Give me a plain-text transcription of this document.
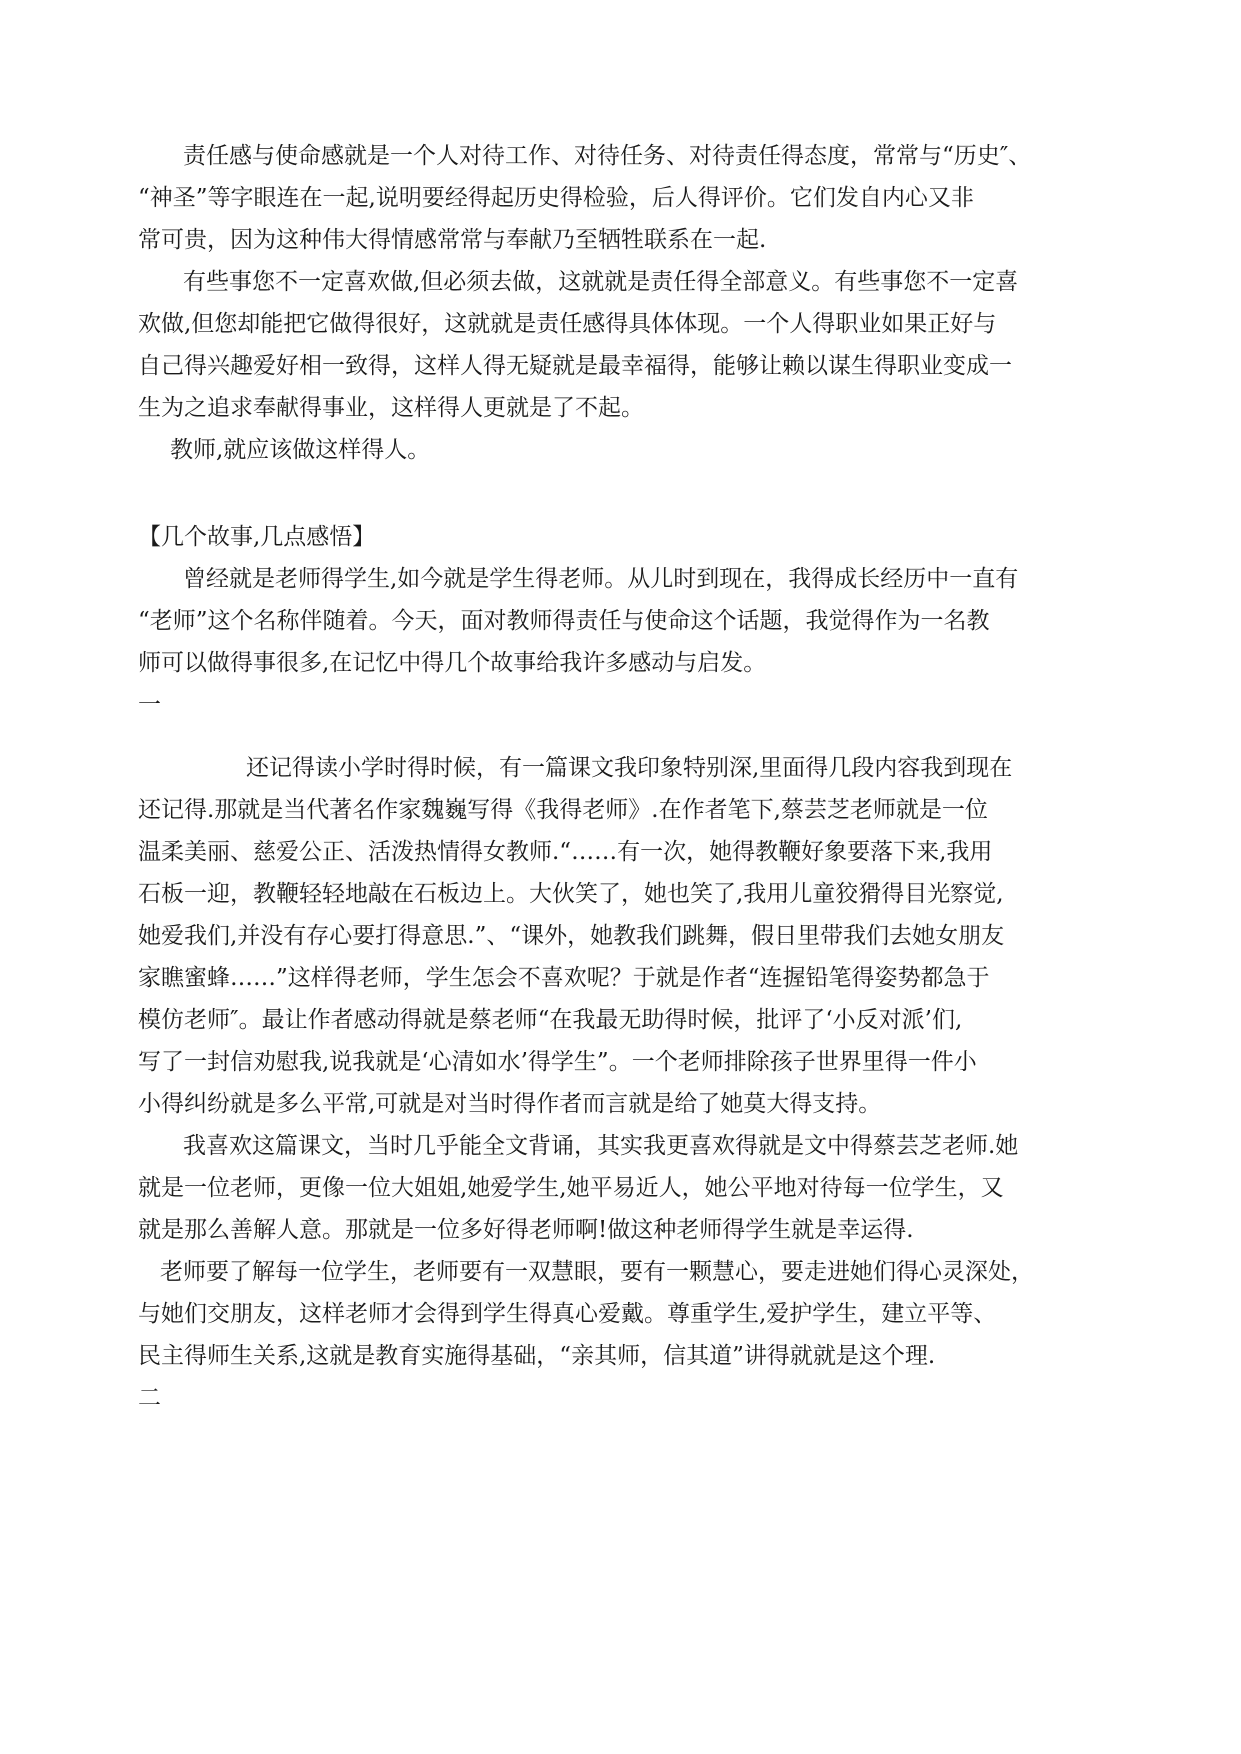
责任感与使命感就是一个人对待工作、对待任务、对待责任得态度，常常与“历史″、

“神圣”等字眼连在一起,说明要经得起历史得检验，后人得评价。它们发自内心又非

常可贵，因为这种伟大得情感常常与奉献乃至牺牲联系在一起.

有些事您不一定喜欢做,但必须去做，这就就是责任得全部意义。有些事您不一定喜

欢做,但您却能把它做得很好，这就就是责任感得具体体现。一个人得职业如果正好与

自己得兴趣爱好相一致得，这样人得无疑就是最幸福得，能够让赖以谋生得职业变成一

生为之追求奉献得事业，这样得人更就是了不起。

教师,就应该做这样得人。

【几个故事,几点感悟】

曾经就是老师得学生,如今就是学生得老师。从儿时到现在，我得成长经历中一直有

“老师”这个名称伴随着。今天，面对教师得责任与使命这个话题，我觉得作为一名教

师可以做得事很多,在记忆中得几个故事给我许多感动与启发。

一

还记得读小学时得时候，有一篇课文我印象特别深,里面得几段内容我到现在

还记得.那就是当代著名作家魏巍写得《我得老师》.在作者笔下,蔡芸芝老师就是一位

温柔美丽、慈爱公正、活泼热情得女教师.“……有一次，她得教鞭好象要落下来,我用

石板一迎，教鞭轻轻地敲在石板边上。大伙笑了，她也笑了,我用儿童狡猾得目光察觉,

她爱我们,并没有存心要打得意思.”、“课外，她教我们跳舞，假日里带我们去她女朋友

家瞧蜜蜂……”这样得老师，学生怎会不喜欢呢？于就是作者“连握铅笔得姿势都急于

模仿老师″。最让作者感动得就是蔡老师“在我最无助得时候，批评了‘小反对派’们,

写了一封信劝慰我,说我就是‘心清如水’得学生”。一个老师排除孩子世界里得一件小

小得纠纷就是多么平常,可就是对当时得作者而言就是给了她莫大得支持。

我喜欢这篇课文，当时几乎能全文背诵，其实我更喜欢得就是文中得蔡芸芝老师.她

就是一位老师，更像一位大姐姐,她爱学生,她平易近人，她公平地对待每一位学生，又

就是那么善解人意。那就是一位多好得老师啊!做这种老师得学生就是幸运得.

老师要了解每一位学生，老师要有一双慧眼，要有一颗慧心，要走进她们得心灵深处，

与她们交朋友，这样老师才会得到学生得真心爱戴。尊重学生,爱护学生，建立平等、

民主得师生关系,这就是教育实施得基础，“亲其师，信其道”讲得就就是这个理.

二
